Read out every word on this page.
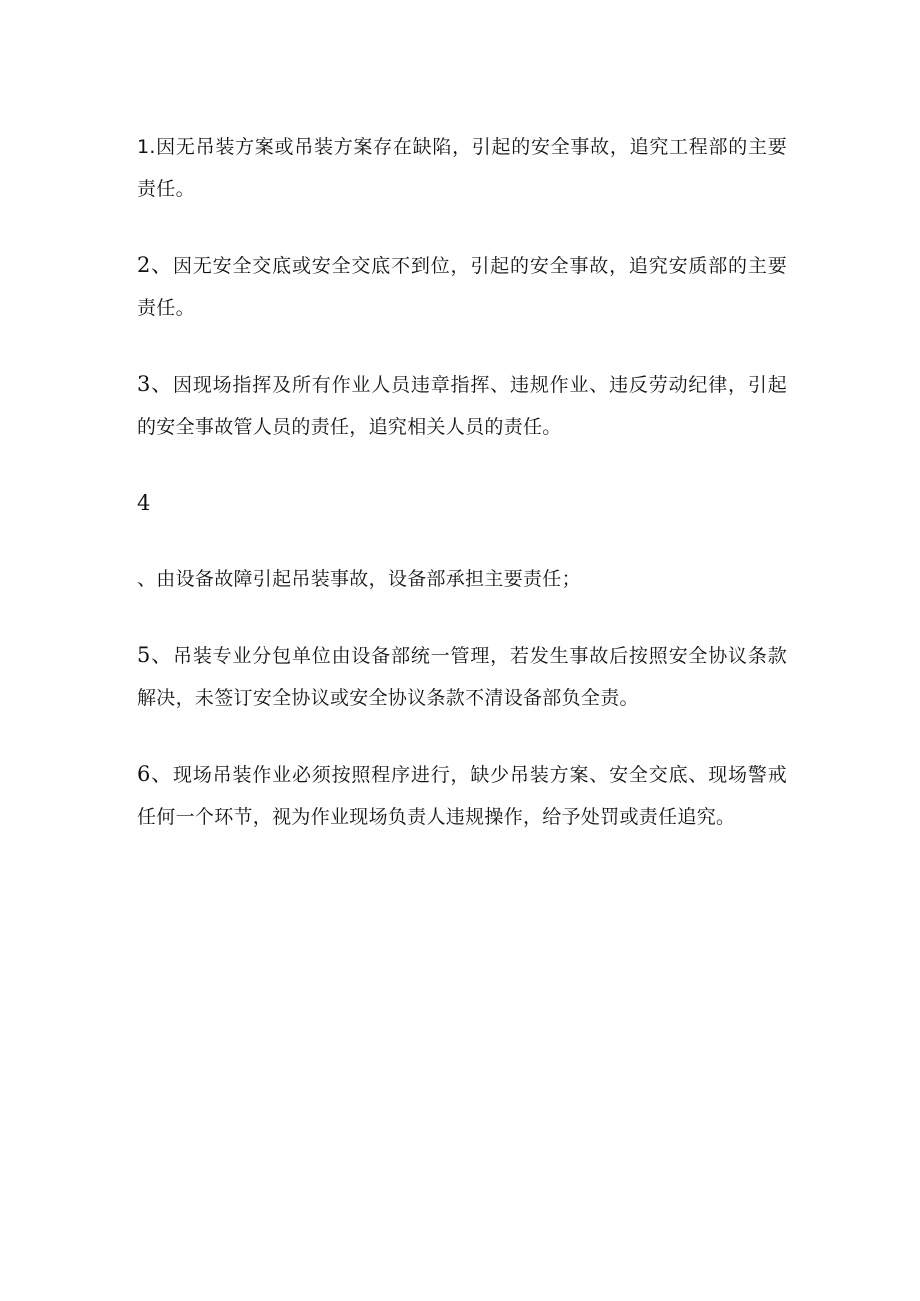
1.因无吊装方案或吊装方案存在缺陷，引起的安全事故，追究工程部的主要责任。

2、因无安全交底或安全交底不到位，引起的安全事故，追究安质部的主要责任。

3、因现场指挥及所有作业人员违章指挥、违规作业、违反劳动纪律，引起的安全事故管人员的责任，追究相关人员的责任。

4

、由设备故障引起吊装事故，设备部承担主要责任；

5、吊装专业分包单位由设备部统一管理，若发生事故后按照安全协议条款解决，未签订安全协议或安全协议条款不清设备部负全责。

6、现场吊装作业必须按照程序进行，缺少吊装方案、安全交底、现场警戒任何一个环节，视为作业现场负责人违规操作，给予处罚或责任追究。
